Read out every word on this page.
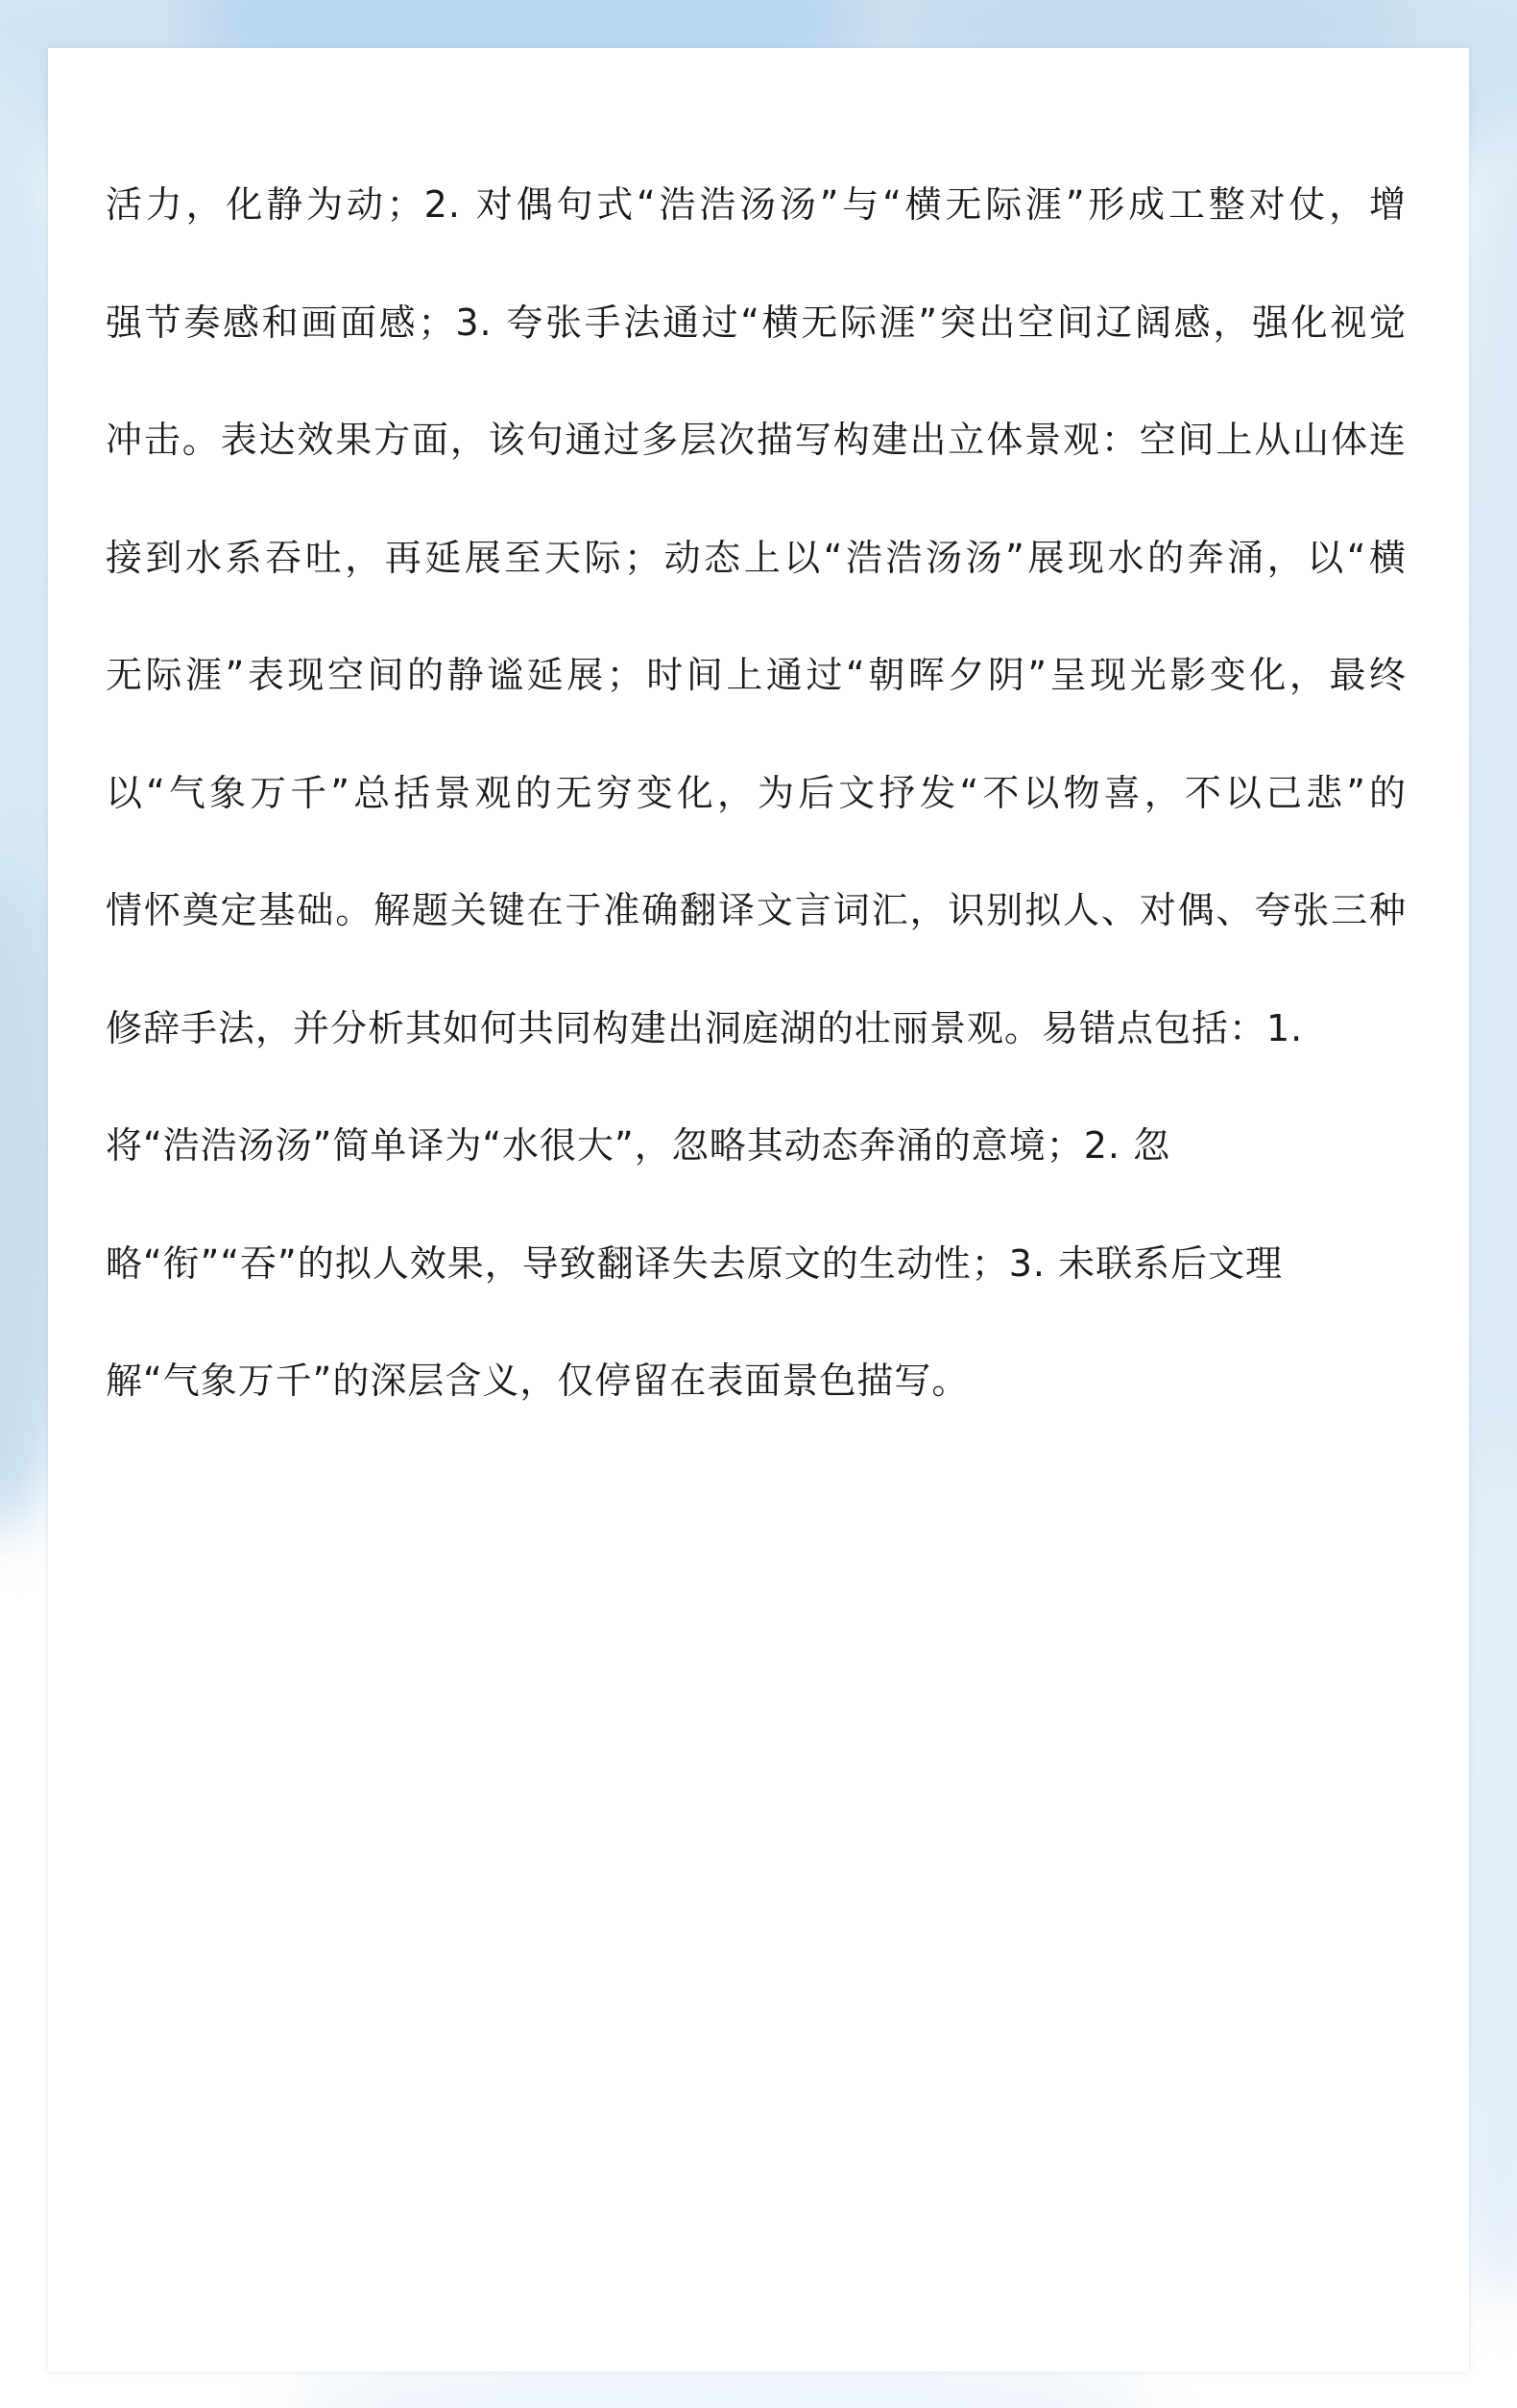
活力，化静为动；2. 对偶句式“浩浩汤汤”与“横无际涯”形成工整对仗，增
强节奏感和画面感；3. 夸张手法通过“横无际涯”突出空间辽阔感，强化视觉
冲击。表达效果方面，该句通过多层次描写构建出立体景观：空间上从山体连
接到水系吞吐，再延展至天际；动态上以“浩浩汤汤”展现水的奔涌，以“横
无际涯”表现空间的静谧延展；时间上通过“朝晖夕阴”呈现光影变化，最终
以“气象万千”总括景观的无穷变化，为后文抒发“不以物喜，不以己悲”的
情怀奠定基础。解题关键在于准确翻译文言词汇，识别拟人、对偶、夸张三种
修辞手法，并分析其如何共同构建出洞庭湖的壮丽景观。易错点包括：1.
将“浩浩汤汤”简单译为“水很大”，忽略其动态奔涌的意境；2. 忽
略“衔”“吞”的拟人效果，导致翻译失去原文的生动性；3. 未联系后文理
解“气象万千”的深层含义，仅停留在表面景色描写。
